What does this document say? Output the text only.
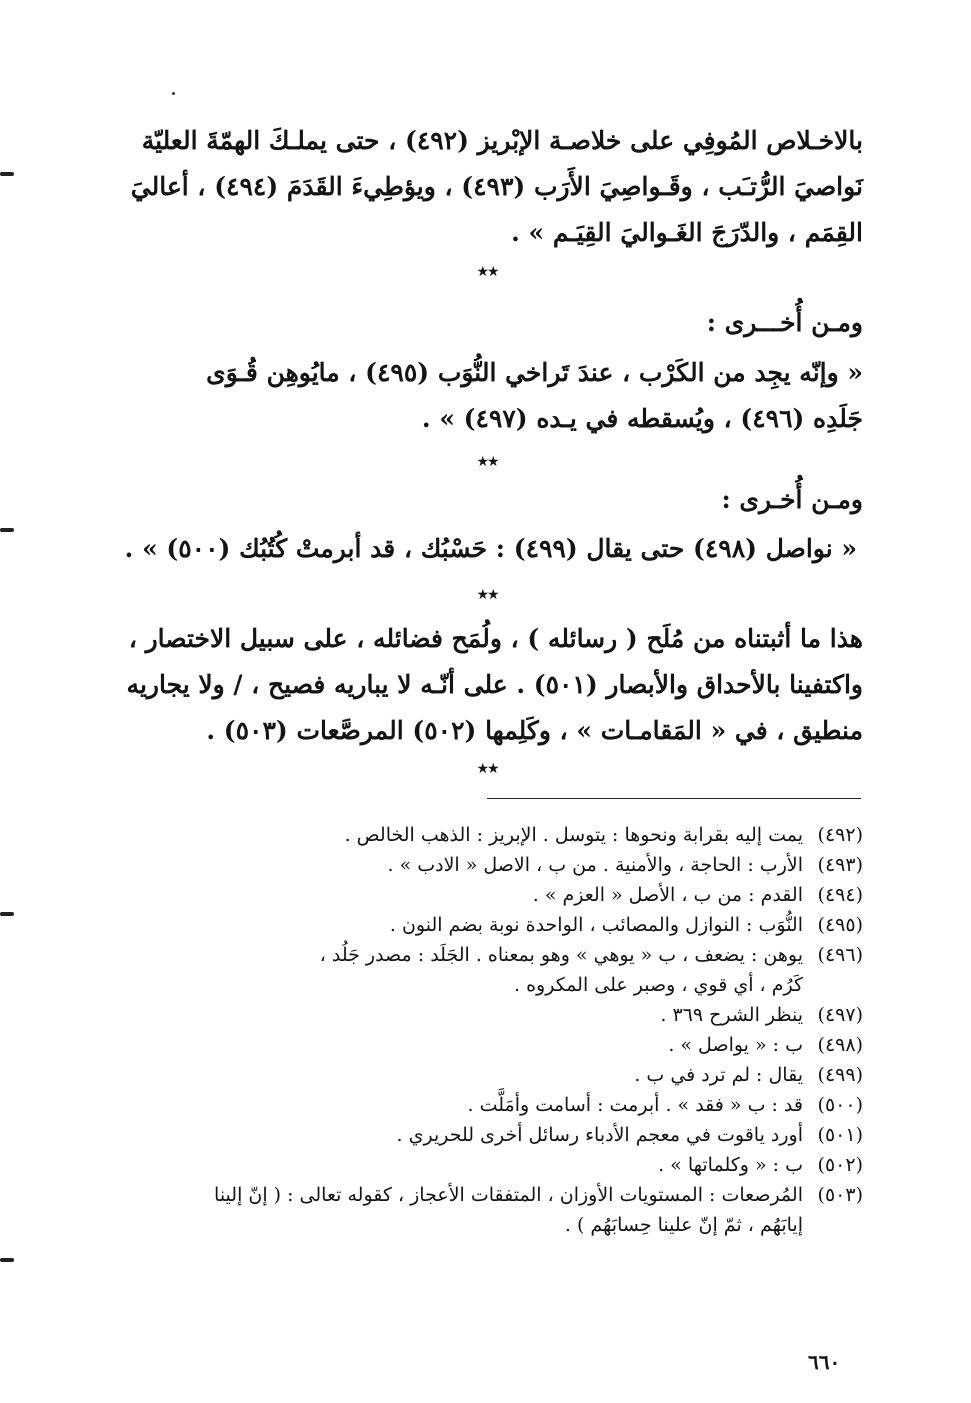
بالاخـلاص المُوفِي على خلاصـة الإبْريز (٤٩٢) ، حتى يملـكَ الهمّةَ العليّة
نَواصيَ الرُّتـَب ، وقَـواصِيَ الأَرَب (٤٩٣) ، ويؤطِيءَ القَدَمَ (٤٩٤) ، أعاليَ
القِمَم ، والدّرَجَ الغَـواليَ القِيَـم » .
★★
ومـن أُخـــرى :
« وإنّه يجِد من الكَرْب ، عندَ تَراخي النُّوَب (٤٩٥) ، مايُوهِن قُـوَى
جَلَدِه (٤٩٦) ، ويُسقطه في يـده (٤٩٧) » .
★★
ومـن أُخـرى :
« نواصل (٤٩٨) حتى يقال (٤٩٩) : حَسْبُك ، قد أبرمتْ كُتُبُك (٥٠٠) » .
★★
هذا ما أثبتناه من مُلَح ( رسائله ) ، ولُمَح فضائله ، على سبيل الاختصار ،
واكتفينا بالأحداق والأبصار (٥٠١) . على أنّـه لا يباريه فصيح ، / ولا يجاريه
منطيق ، في « المَقامـات » ، وكَلِمها (٥٠٢) المرصَّعات (٥٠٣) .
★★
(٤٩٢)يمت إليه بقرابة ونحوها : يتوسل . الإبريز : الذهب الخالص .
(٤٩٣)الأرب : الحاجة ، والأمنية . من ب ، الاصل « الادب » .
(٤٩٤)القدم : من ب ، الأصل « العزم » .
(٤٩٥)النُّوَب : النوازل والمصائب ، الواحدة نوبة بضم النون .
(٤٩٦)يوهن : يضعف ، ب « يوهي » وهو بمعناه . الجَلَد : مصدر جَلُد ،
كَرُم ، أي قوي ، وصبر على المكروه .
(٤٩٧)ينظر الشرح ٣٦٩ .
(٤٩٨)ب : « يواصل » .
(٤٩٩)يقال : لم ترد في ب .
(٥٠٠)قد : ب « فقد » . أبرمت : أسامت وأمَلَّت .
(٥٠١)أورد ياقوت في معجم الأدباء رسائل أخرى للحريري .
(٥٠٢)ب : « وكلماتها » .
(٥٠٣)المُرصعات : المستويات الأوزان ، المتفقات الأعجاز ، كقوله تعالى : ( إنّ إلينا
إيابَهُم ، ثمّ إنّ علينا حِسابَهُم ) .
٦٦٠
